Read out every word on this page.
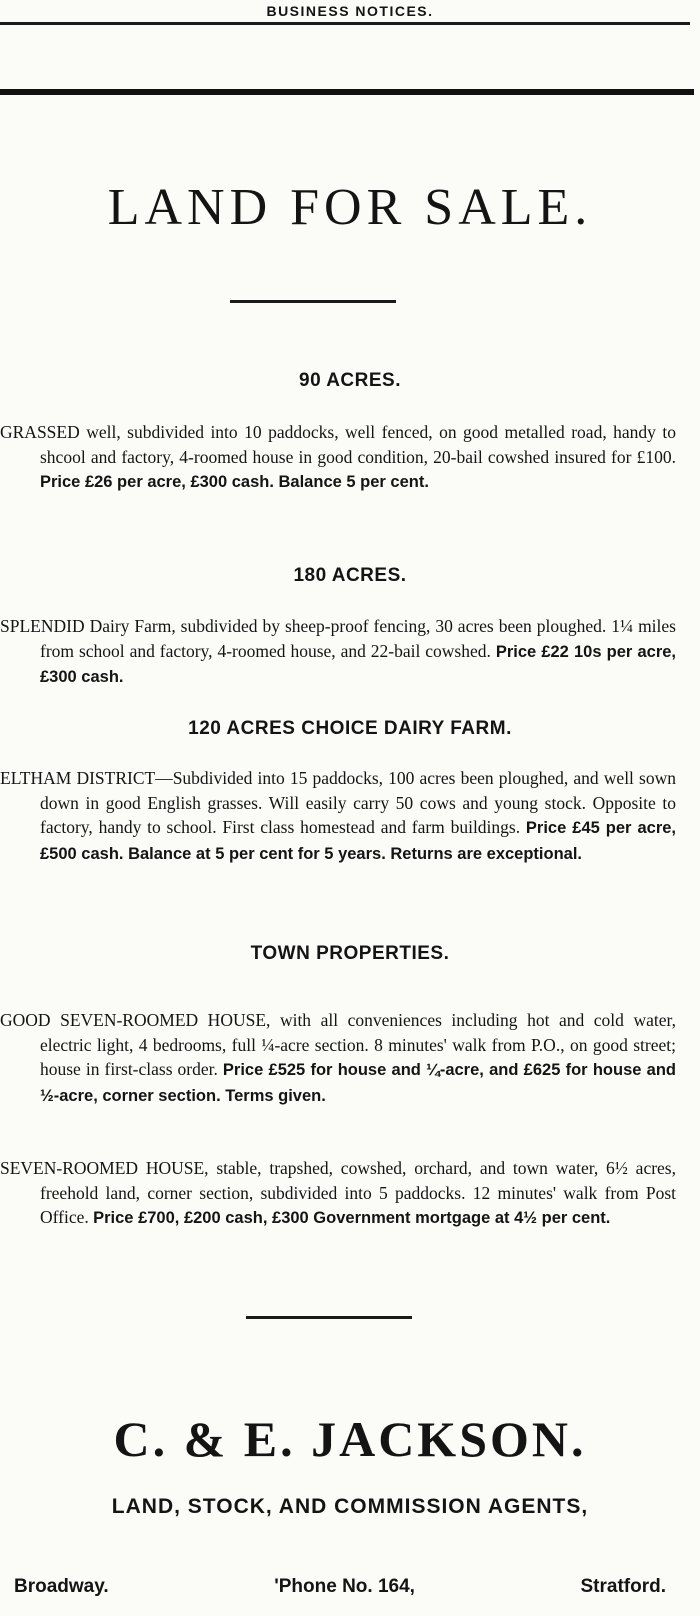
BUSINESS NOTICES.
LAND FOR SALE.
90 ACRES.
GRASSED well, subdivided into 10 paddocks, well fenced, on good metalled road, handy to shcool and factory, 4-roomed house in good condition, 20-bail cowshed insured for £100. Price £26 per acre, £300 cash. Balance 5 per cent.
180 ACRES.
SPLENDID Dairy Farm, subdivided by sheep-proof fencing, 30 acres been ploughed. 1¼ miles from school and factory, 4-roomed house, and 22-bail cowshed. Price £22 10s per acre, £300 cash.
120 ACRES CHOICE DAIRY FARM.
ELTHAM DISTRICT—Subdivided into 15 paddocks, 100 acres been ploughed, and well sown down in good English grasses. Will easily carry 50 cows and young stock. Opposite to factory, handy to school. First class homestead and farm buildings. Price £45 per acre, £500 cash. Balance at 5 per cent for 5 years. Returns are exceptional.
TOWN PROPERTIES.
GOOD SEVEN-ROOMED HOUSE, with all conveniences including hot and cold water, electric light, 4 bedrooms, full ¼-acre section. 8 minutes' walk from P.O., on good street; house in first-class order. Price £525 for house and ¼-acre, and £625 for house and ½-acre, corner section. Terms given.
SEVEN-ROOMED HOUSE, stable, trapshed, cowshed, orchard, and town water, 6½ acres, freehold land, corner section, subdivided into 5 paddocks. 12 minutes' walk from Post Office. Price £700, £200 cash, £300 Government mortgage at 4½ per cent.
C. & E. JACKSON.
LAND, STOCK, AND COMMISSION AGENTS,
Broadway.	'Phone No. 164,	Stratford.
